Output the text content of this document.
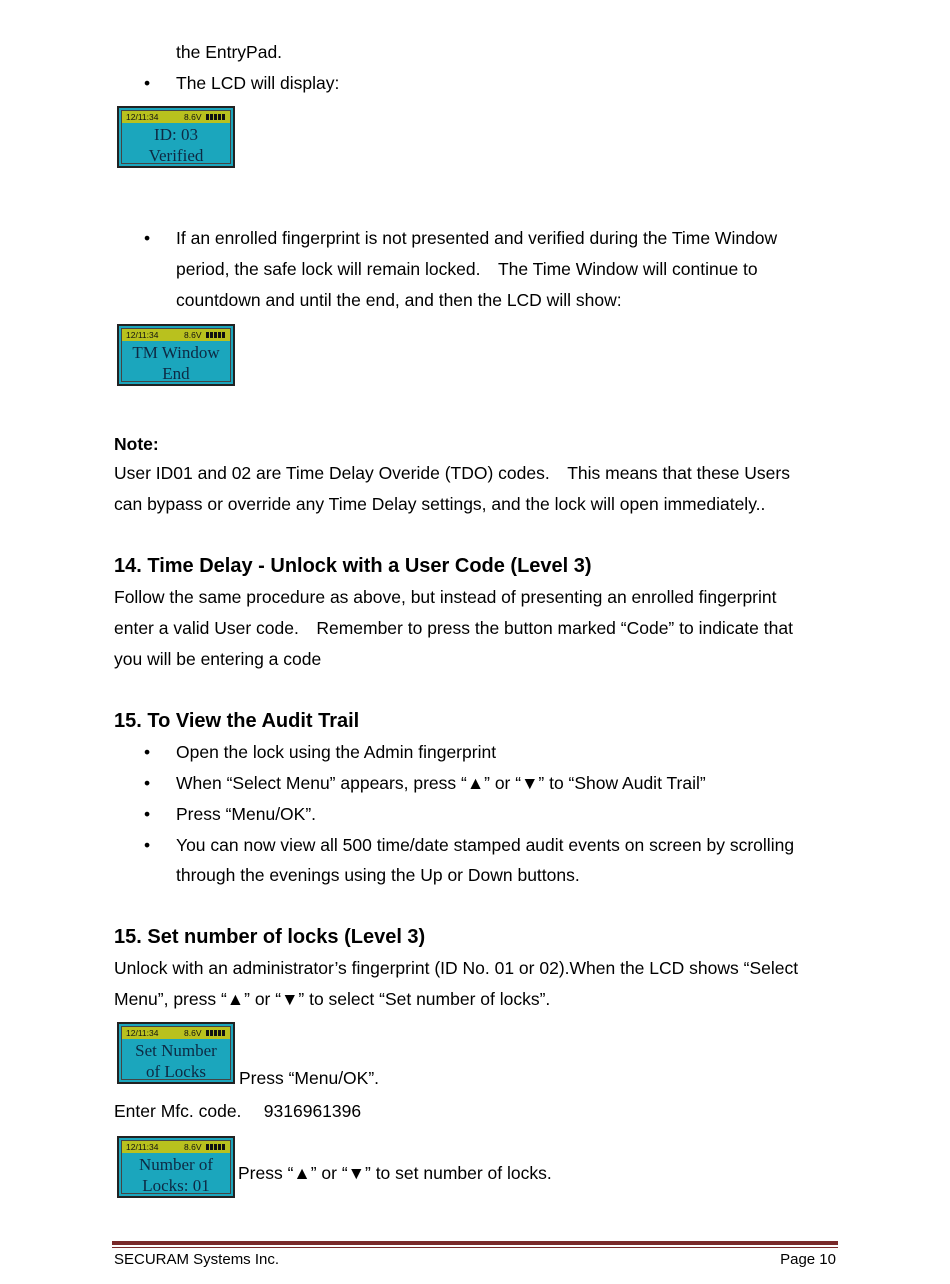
the EntryPad.

• The LCD will display:

12/11:34	8.6V
ID: 03
Verified
• If an enrolled fingerprint is not presented and verified during the Time Window

period, the safe lock will remain locked.　The Time Window will continue to

countdown and until the end, and then the LCD will show:

12/11:34	8.6V
TM Window
End
Note:

User ID01 and 02 are Time Delay Overide (TDO) codes.　This means that these Users

can bypass or override any Time Delay settings, and the lock will open immediately..

14. Time Delay - Unlock with a User Code (Level 3)

Follow the same procedure as above, but instead of presenting an enrolled fingerprint

enter a valid User code.　Remember to press the button marked “Code” to indicate that

you will be entering a code

15. To View the Audit Trail
• Open the lock using the Admin fingerprint

• When “Select Menu” appears, press “▲” or “▼” to “Show Audit Trail”

• Press “Menu/OK”.

• You can now view all 500 time/date stamped audit events on screen by scrolling

through the evenings using the Up or Down buttons.

15. Set number of locks (Level 3)

Unlock with an administrator’s fingerprint (ID No. 01 or 02).When the LCD shows “Select

Menu”, press “▲” or “▼” to select “Set number of locks”.

12/11:34	8.6V
Set Number
of Locks	Press “Menu/OK”.

Enter Mfc. code.　 9316961396

12/11:34	8.6V
Number of
Locks: 01

Press “▲” or “▼” to set number of locks.

SECURAM Systems Inc.	Page 10
